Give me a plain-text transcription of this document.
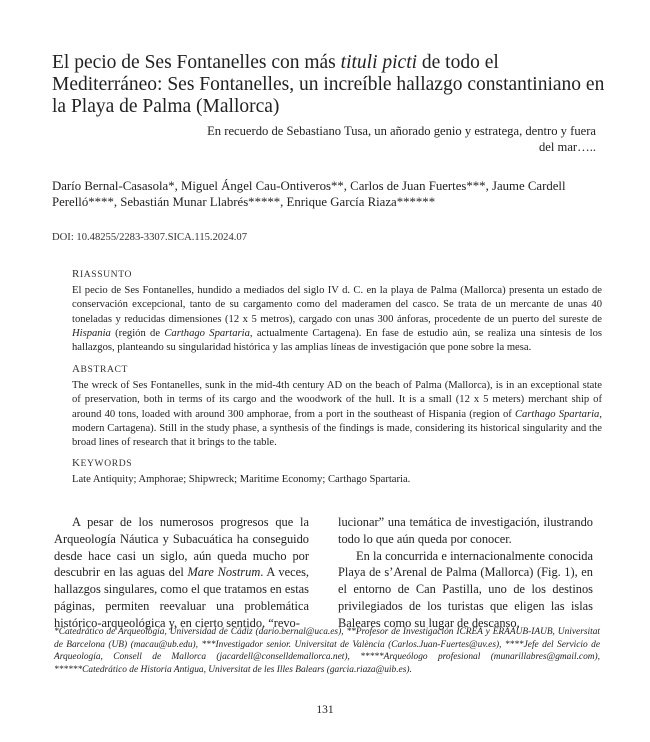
El pecio de Ses Fontanelles con más tituli picti de todo el Mediterráneo: Ses Fontanelles, un increíble hallazgo constantiniano en la Playa de Palma (Mallorca)
En recuerdo de Sebastiano Tusa, un añorado genio y estratega, dentro y fuera del mar…..
Darío Bernal-Casasola*, Miguel Ángel Cau-Ontiveros**, Carlos de Juan Fuertes***, Jaume Cardell Perelló****, Sebastián Munar Llabrés*****, Enrique García Riaza******
DOI: 10.48255/2283-3307.SICA.115.2024.07
RIASSUNTO

El pecio de Ses Fontanelles, hundido a mediados del siglo IV d. C. en la playa de Palma (Mallorca) presenta un estado de conservación excepcional, tanto de su cargamento como del maderamen del casco. Se trata de un mercante de unas 40 toneladas y reducidas dimensiones (12 x 5 metros), cargado con unas 300 ánforas, procedente de un puerto del sureste de Hispania (región de Carthago Spartaria, actualmente Cartagena). En fase de estudio aún, se realiza una síntesis de los hallazgos, planteando su singularidad histórica y las amplias líneas de investigación que pone sobre la mesa.

ABSTRACT

The wreck of Ses Fontanelles, sunk in the mid-4th century AD on the beach of Palma (Mallorca), is in an exceptional state of preservation, both in terms of its cargo and the woodwork of the hull. It is a small (12 x 5 meters) merchant ship of around 40 tons, loaded with around 300 amphorae, from a port in the southeast of Hispania (region of Carthago Spartaria, modern Cartagena). Still in the study phase, a synthesis of the findings is made, considering its historical singularity and the broad lines of research that it brings to the table.

KEYWORDS

Late Antiquity; Amphorae; Shipwreck; Maritime Economy; Carthago Spartaria.

A pesar de los numerosos progresos que la Arqueología Náutica y Subacuática ha conseguido desde hace casi un siglo, aún queda mucho por descubrir en las aguas del Mare Nostrum. A veces, hallazgos singulares, como el que tratamos en estas páginas, permiten reevaluar una problemática histórico-arqueológica y, en cierto sentido, “revo-

lucionar” una temática de investigación, ilustrando todo lo que aún queda por conocer.

En la concurrida e internacionalmente conocida Playa de s’Arenal de Palma (Mallorca) (Fig. 1), en el entorno de Can Pastilla, uno de los destinos privilegiados de los turistas que eligen las islas Baleares como su lugar de descanso,

*Catedrático de Arqueología, Universidad de Cádiz (dario.bernal@uca.es), **Profesor de Investigación ICREA y ERAAUB-IAUB, Universitat de Barcelona (UB) (macau@ub.edu), ***Investigador senior. Universitat de València (Carlos.Juan-Fuertes@uv.es), ****Jefe del Servicio de Arqueología, Consell de Mallorca (jacardell@conselldemallorca.net), *****Arqueólogo profesional (munarillabres@gmail.com), ******Catedrático de Historia Antigua, Universitat de les Illes Balears (garcia.riaza@uib.es).
131
